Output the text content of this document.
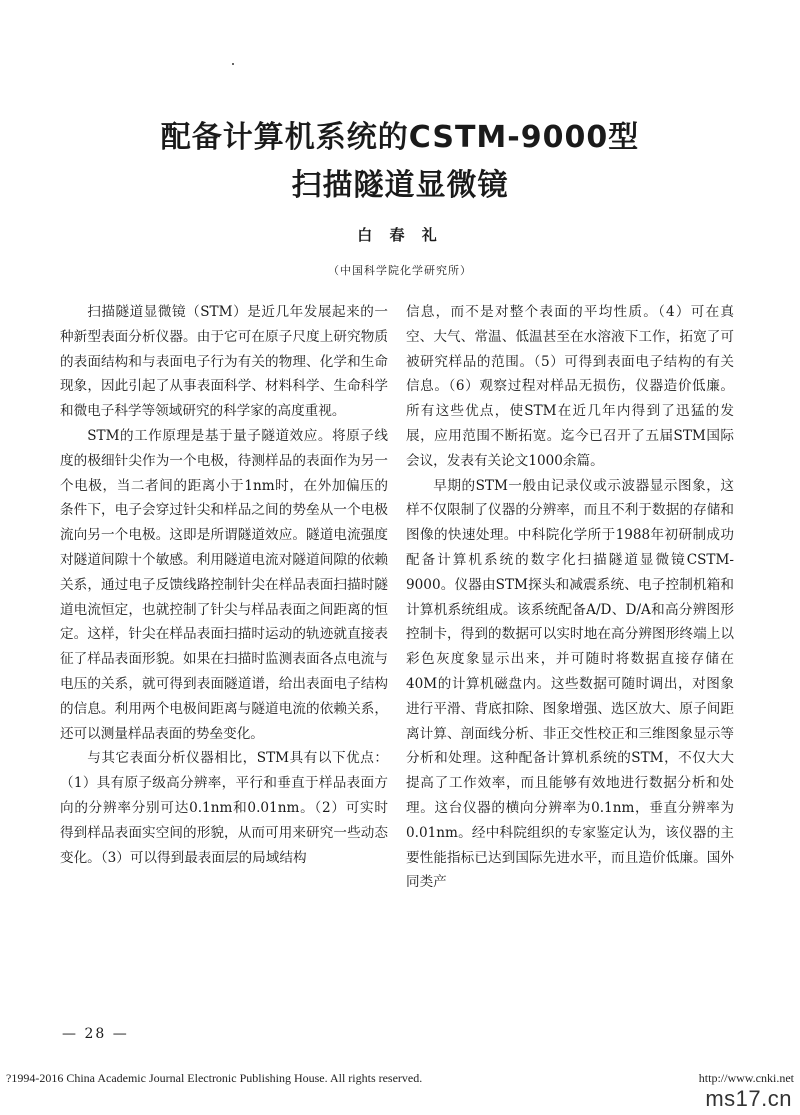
配备计算机系统的CSTM-9000型
扫描隧道显微镜
白 春 礼
（中国科学院化学研究所）

扫描隧道显微镜（STM）是近几年发展起来的一种新型表面分析仪器。由于它可在原子尺度上研究物质的表面结构和与表面电子行为有关的物理、化学和生命现象，因此引起了从事表面科学、材料科学、生命科学和微电子科学等领域研究的科学家的高度重视。

STM的工作原理是基于量子隧道效应。将原子线度的极细针尖作为一个电极，待测样品的表面作为另一个电极，当二者间的距离小于1nm时，在外加偏压的条件下，电子会穿过针尖和样品之间的势垒从一个电极流向另一个电极。这即是所谓隧道效应。隧道电流强度对隧道间隙十个敏感。利用隧道电流对隧道间隙的依赖关系，通过电子反馈线路控制针尖在样品表面扫描时隧道电流恒定，也就控制了针尖与样品表面之间距离的恒定。这样，针尖在样品表面扫描时运动的轨迹就直接表征了样品表面形貌。如果在扫描时监测表面各点电流与电压的关系，就可得到表面隧道谱，给出表面电子结构的信息。利用两个电极间距离与隧道电流的依赖关系，还可以测量样品表面的势垒变化。

与其它表面分析仪器相比，STM具有以下优点：（1）具有原子级高分辨率，平行和垂直于样品表面方向的分辨率分别可达0.1nm和0.01nm。（2）可实时得到样品表面实空间的形貌，从而可用来研究一些动态变化。（3）可以得到最表面层的局域结构

信息，而不是对整个表面的平均性质。（4）可在真空、大气、常温、低温甚至在水溶液下工作，拓宽了可被研究样品的范围。（5）可得到表面电子结构的有关信息。（6）观察过程对样品无损伤，仪器造价低廉。所有这些优点，使STM在近几年内得到了迅猛的发展，应用范围不断拓宽。迄今已召开了五届STM国际会议，发表有关论文1000余篇。

早期的STM一般由记录仪或示波器显示图象，这样不仅限制了仪器的分辨率，而且不利于数据的存储和图像的快速处理。中科院化学所于1988年初研制成功配备计算机系统的数字化扫描隧道显微镜CSTM-9000。仪器由STM探头和减震系统、电子控制机箱和计算机系统组成。该系统配备A/D、D/A和高分辨图形控制卡，得到的数据可以实时地在高分辨图形终端上以彩色灰度象显示出来，并可随时将数据直接存储在40M的计算机磁盘内。这些数据可随时调出，对图象进行平滑、背底扣除、图象增强、选区放大、原子间距离计算、剖面线分析、非正交性校正和三维图象显示等分析和处理。这种配备计算机系统的STM，不仅大大提高了工作效率，而且能够有效地进行数据分析和处理。这台仪器的横向分辨率为0.1nm，垂直分辨率为0.01nm。经中科院组织的专家鉴定认为，该仪器的主要性能指标已达到国际先进水平，而且造价低廉。国外同类产

— 28 —
?1994-2016 China Academic Journal Electronic Publishing House. All rights reserved.	http://www.cnki.net
ms17.cn
